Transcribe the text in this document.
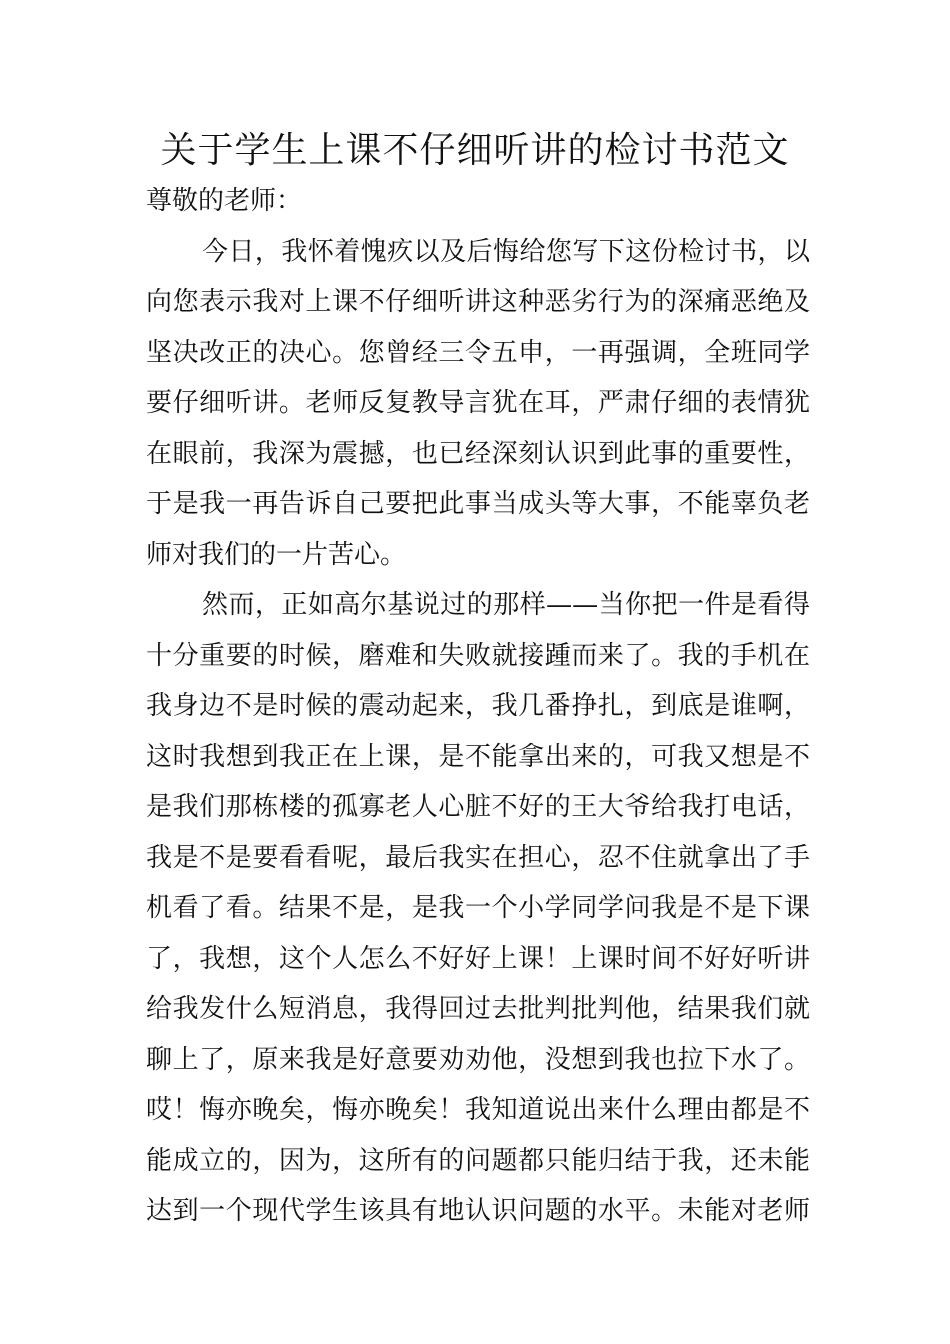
关于学生上课不仔细听讲的检讨书范文

尊敬的老师：

今日，我怀着愧疚以及后悔给您写下这份检讨书，以
向您表示我对上课不仔细听讲这种恶劣行为的深痛恶绝及
坚决改正的决心。您曾经三令五申，一再强调，全班同学
要仔细听讲。老师反复教导言犹在耳，严肃仔细的表情犹
在眼前，我深为震撼，也已经深刻认识到此事的重要性，
于是我一再告诉自己要把此事当成头等大事，不能辜负老
师对我们的一片苦心。

然而，正如高尔基说过的那样——当你把一件是看得
十分重要的时候，磨难和失败就接踵而来了。我的手机在
我身边不是时候的震动起来，我几番挣扎，到底是谁啊，
这时我想到我正在上课，是不能拿出来的，可我又想是不
是我们那栋楼的孤寡老人心脏不好的王大爷给我打电话，
我是不是要看看呢，最后我实在担心，忍不住就拿出了手
机看了看。结果不是，是我一个小学同学问我是不是下课
了，我想，这个人怎么不好好上课！上课时间不好好听讲
给我发什么短消息，我得回过去批判批判他，结果我们就
聊上了，原来我是好意要劝劝他，没想到我也拉下水了。
哎！悔亦晚矣，悔亦晚矣！我知道说出来什么理由都是不
能成立的，因为，这所有的问题都只能归结于我，还未能
达到一个现代学生该具有地认识问题的水平。未能对老师
